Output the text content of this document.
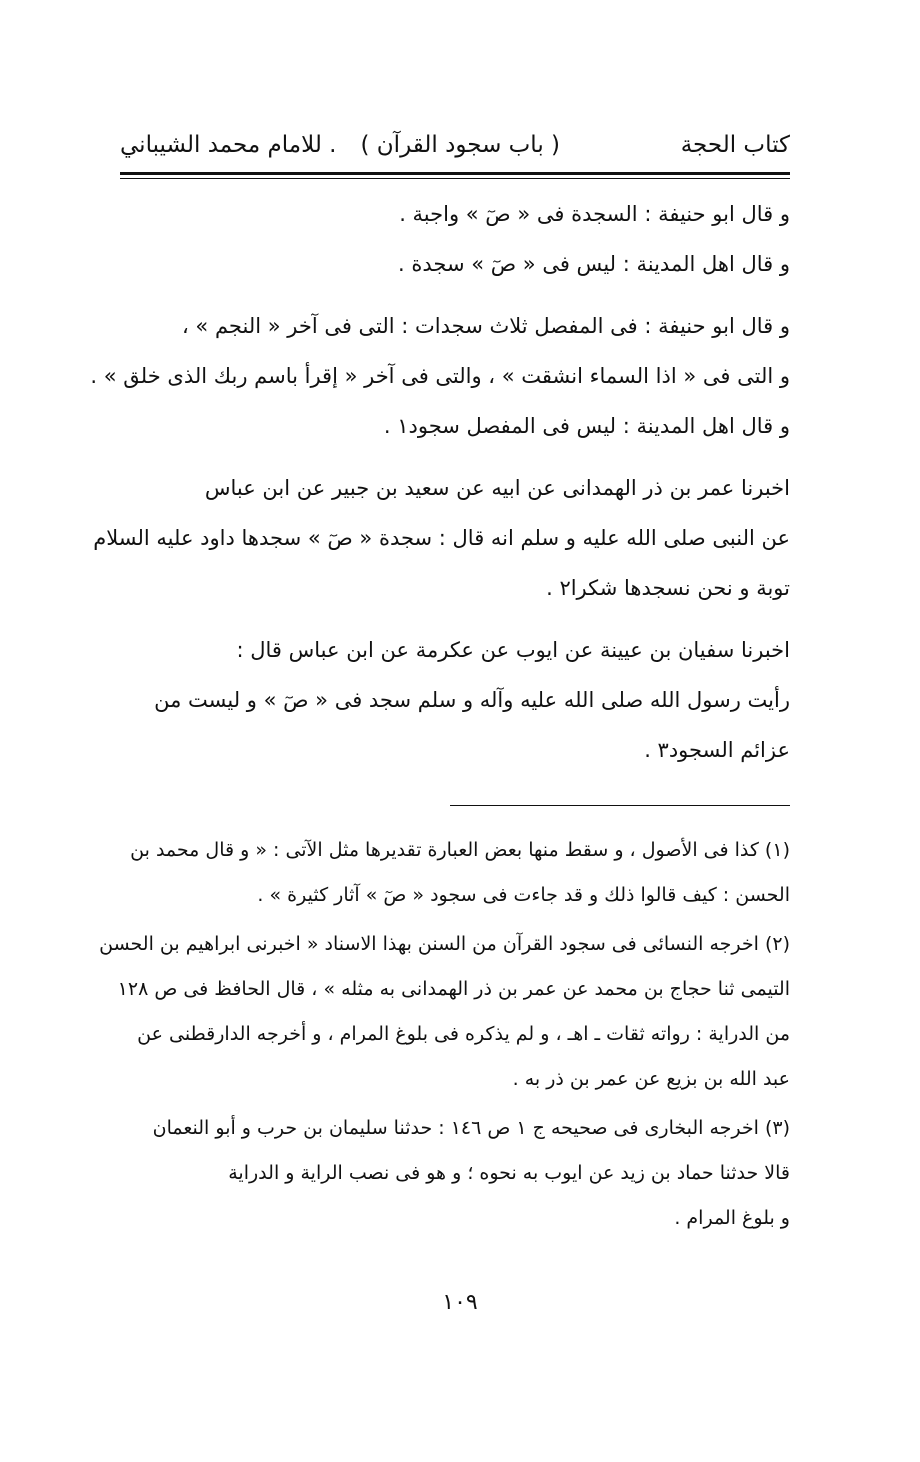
كتاب الحجة
( باب سجود القرآن )
. للامام محمد الشيباني
و قال ابو حنيفة : السجدة فى « صٓ » واجبة .
و قال اهل المدينة : ليس فى « صٓ » سجدة .
و قال ابو حنيفة : فى المفصل ثلاث سجدات : التى فى آخر « النجم » ،
و التى فى « اذا السماء انشقت » ، والتى فى آخر « إقرأ باسم ربك الذى خلق » .
و قال اهل المدينة : ليس فى المفصل سجود١ .
اخبرنا عمر بن ذر الهمدانى عن ابيه عن سعيد بن جبير عن ابن عباس
عن النبى صلى الله عليه و سلم انه قال : سجدة « صٓ » سجدها داود عليه السلام
توبة و نحن نسجدها شكرا٢ .
اخبرنا سفيان بن عيينة عن ايوب عن عكرمة عن ابن عباس قال :
رأيت رسول الله صلى الله عليه وآله و سلم سجد فى « صٓ » و ليست من
عزائم السجود٣ .
(١) كذا فى الأصول ، و سقط منها بعض العبارة تقديرها مثل الآتى : « و قال محمد بن
الحسن : كيف قالوا ذلك و قد جاءت فى سجود « صٓ » آثار كثيرة » .
(٢) اخرجه النسائى فى سجود القرآن من السنن بهذا الاسناد « اخبرنى ابراهيم بن الحسن
التيمى ثنا حجاج بن محمد عن عمر بن ذر الهمدانى به مثله » ، قال الحافظ فى ص ١٢٨
من الدراية : رواته ثقات ـ اهـ ، و لم يذكره فى بلوغ المرام ، و أخرجه الدارقطنى عن
عبد الله بن بزيع عن عمر بن ذر به .
(٣) اخرجه البخارى فى صحيحه ج ١ ص ١٤٦ : حدثنا سليمان بن حرب و أبو النعمان
قالا حدثنا حماد بن زيد عن ايوب به نحوه ؛ و هو فى نصب الراية و الدراية
و بلوغ المرام .
١٠٩
